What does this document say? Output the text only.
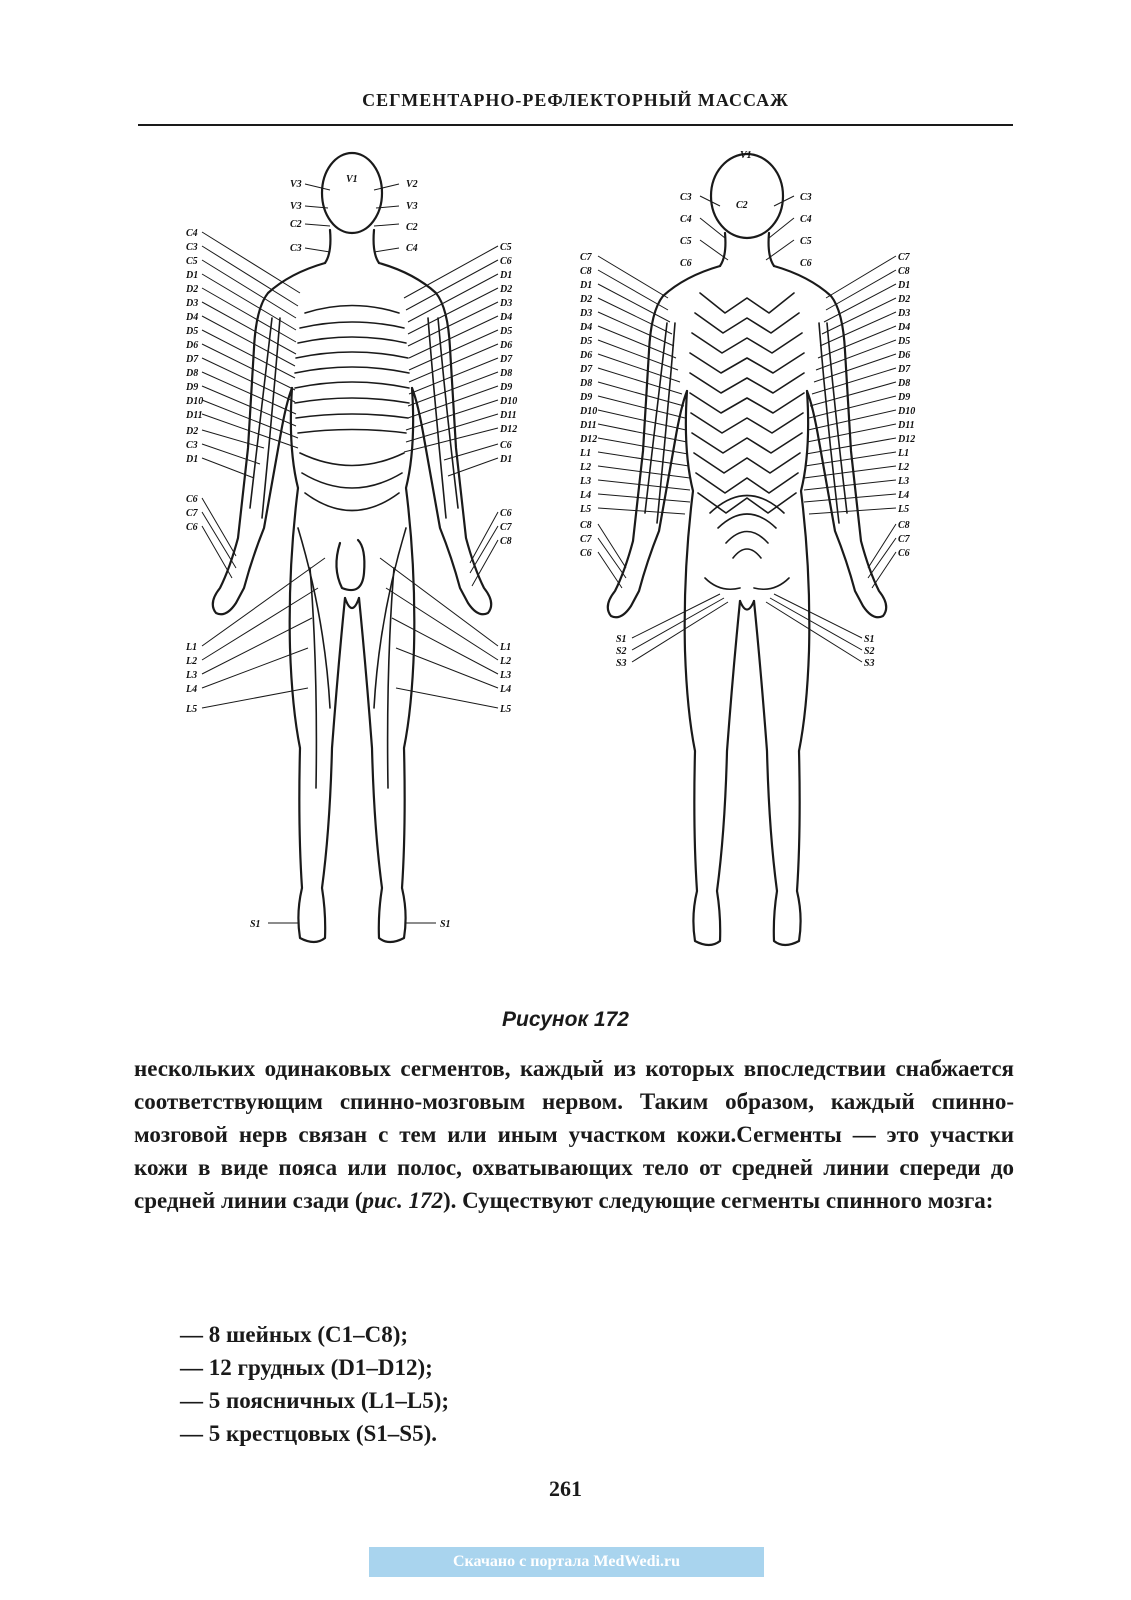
СЕГМЕНТАРНО-РЕФЛЕКТОРНЫЙ МАССАЖ
V1	V2
V3
V3	V3
C2	C2
C3	C4
C4
C3
C5
D1
D2
D3
D4
D5
D6
D7
D8
D9
D10
D11
D2
C3
D1
C6
C7
C6
L1
L2
L3
L4
L5
S1
C5
C6
D1
D2
D3
D4
D5
D6
D7
D8
D9
D10
D11
D12
C6
D1
C6
C7
C8
L1
L2
L3
L4
L5
S1
V1
C2
C3
C4
C5
C3
C4
C5
C6	C6
C7
C8
D1
D2
D3
D4
D5
D6
D7
D8
D9
D10
D11
D12
L1
L2
L3
L4
L5
C8
C7
C6
S1
S2
S3
C7
C8
D1
D2
D3
D4
D5
D6
D7
D8
D9
D10
D11
D12
L1
L2
L3
L4
L5
C8
C7
C6
S1
S2
S3
Рисунок 172

нескольких одинаковых сегментов, каждый из которых впоследствии снабжается соответствующим спинно-мозговым нервом. Таким образом, каждый спинно-мозговой нерв связан с тем или иным участком кожи.Сегменты — это участки кожи в виде пояса или полос, охватывающих тело от средней линии спереди до средней линии сзади (рис. 172). Существуют следующие сегменты спинного мозга:

— 8 шейных (C1–C8);
— 12 грудных (D1–D12);
— 5 поясничных (L1–L5);
— 5 крестцовых (S1–S5).
261
Скачано с портала MedWedi.ru
